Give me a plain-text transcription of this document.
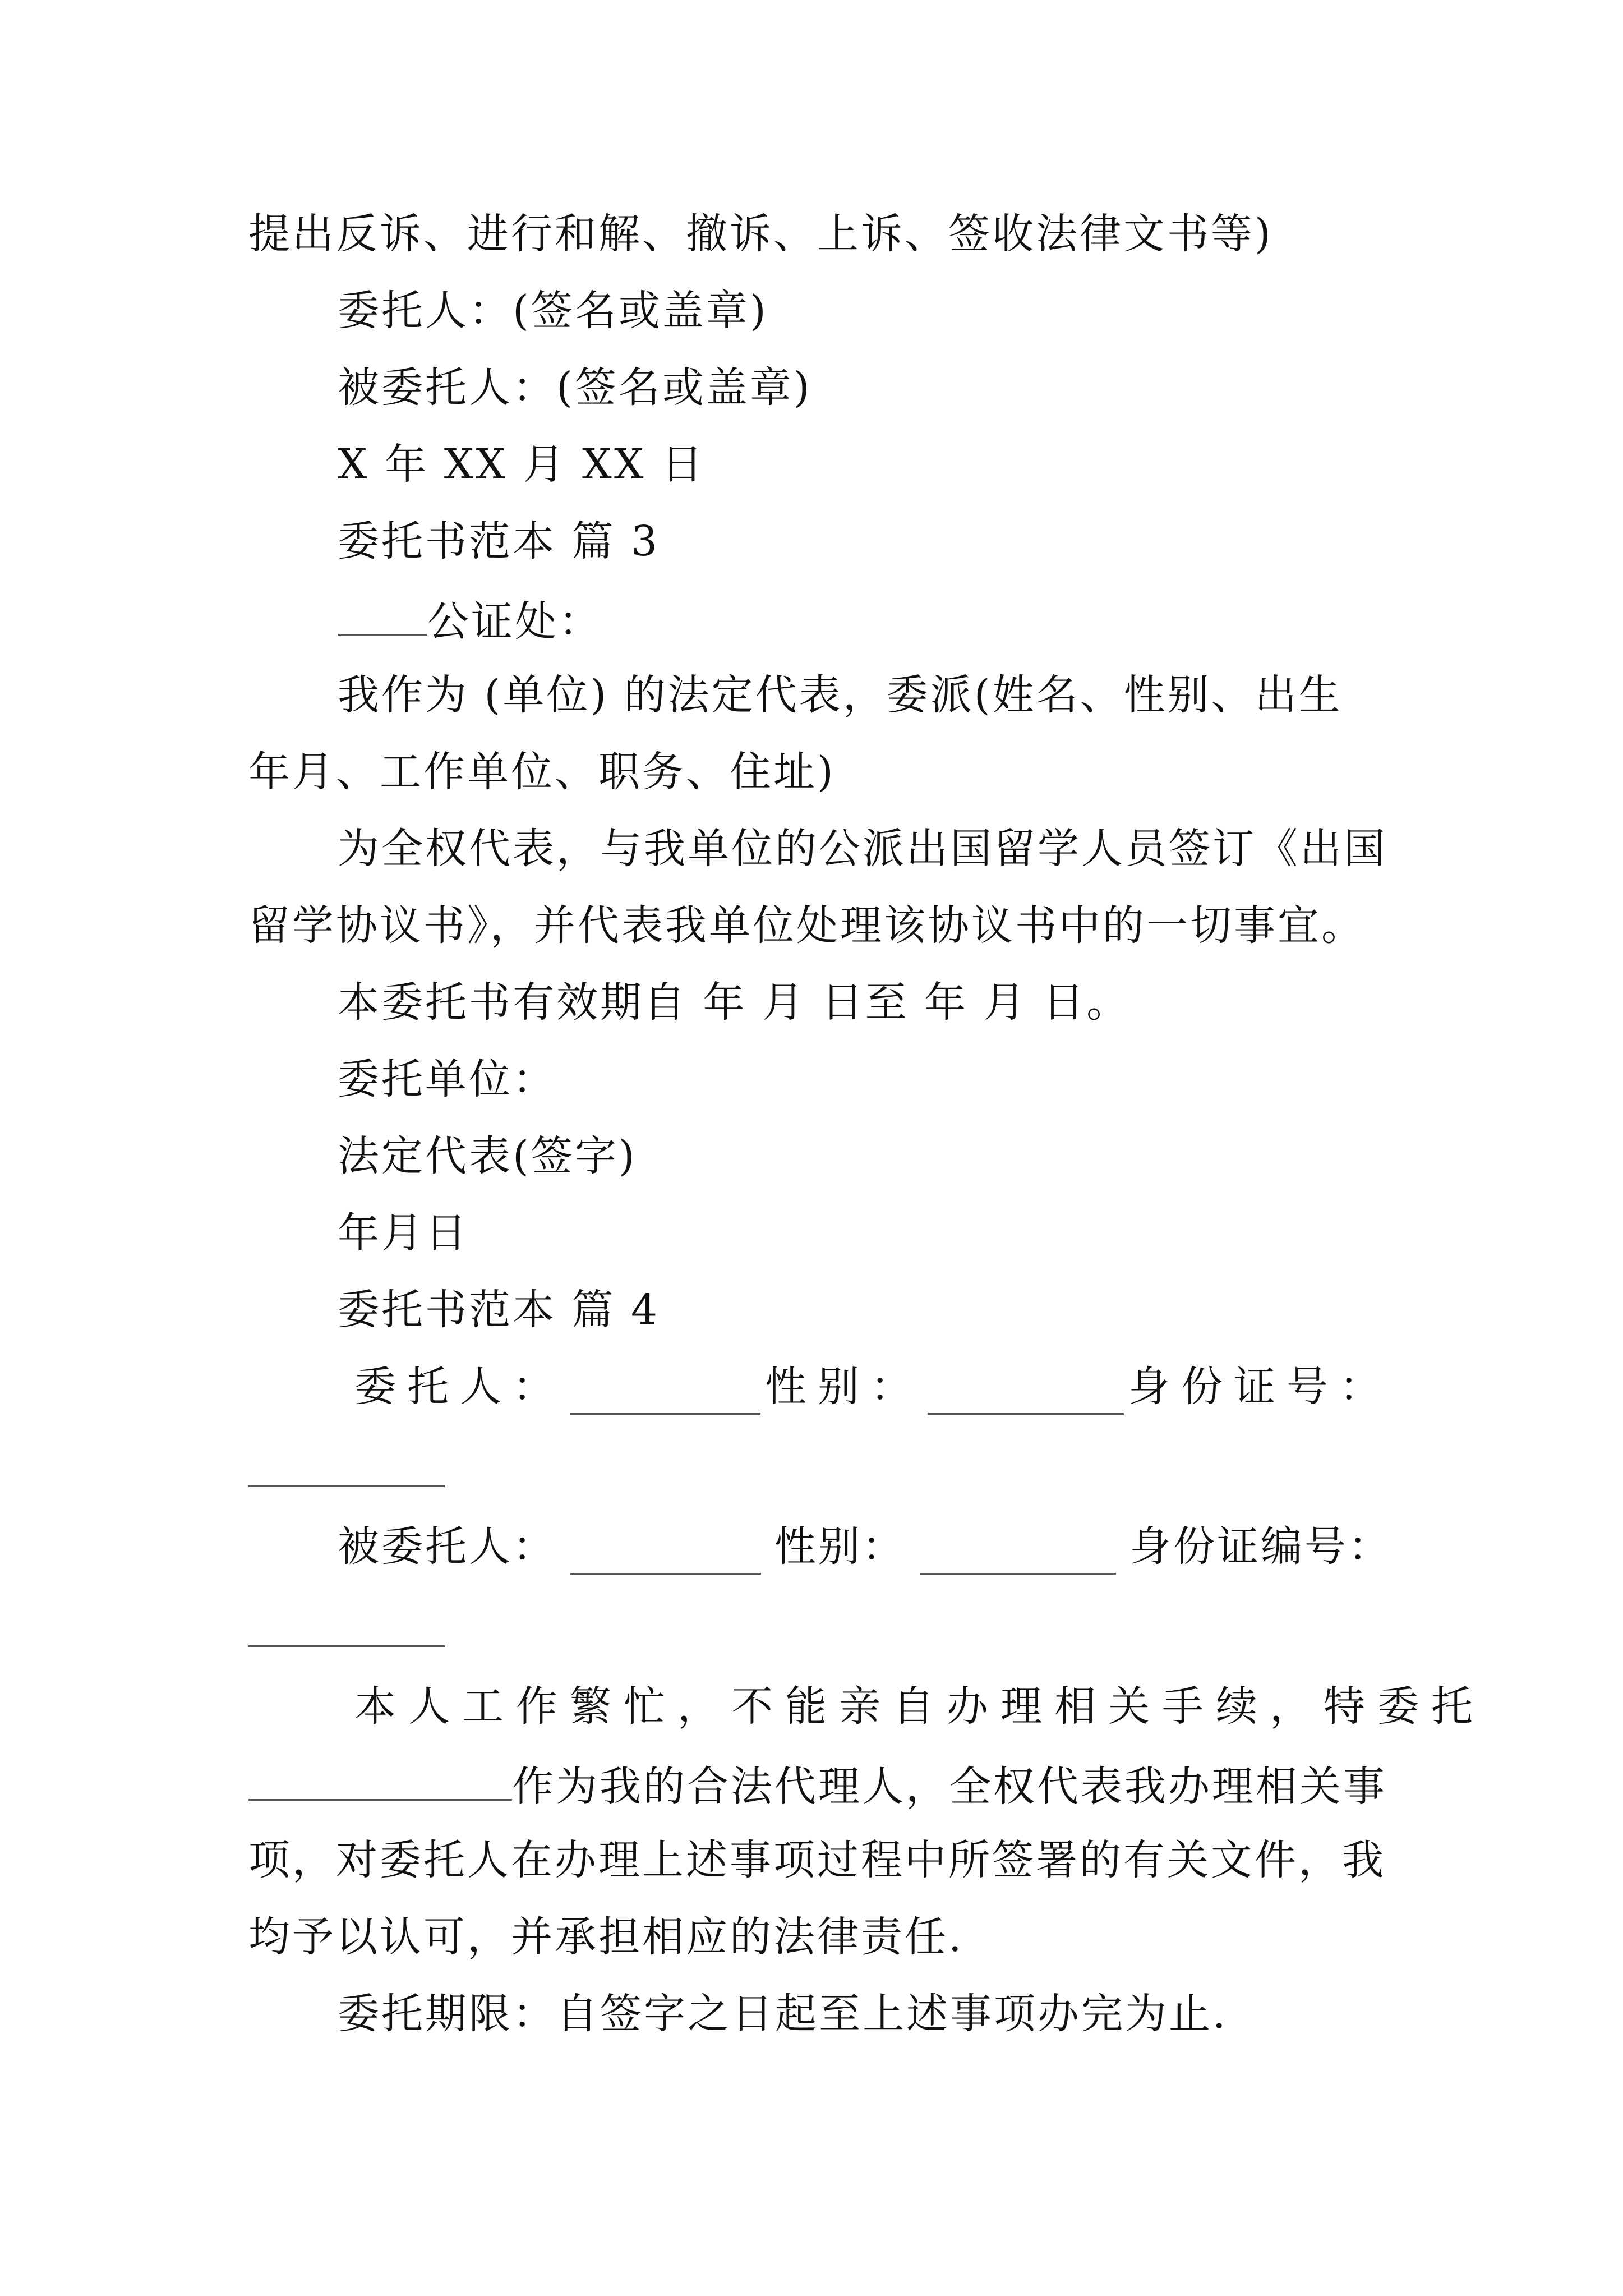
提出反诉、进行和解、撤诉、上诉、签收法律文书等)
委托人：(签名或盖章)
被委托人：(签名或盖章)
X 年 XX 月 XX 日
委托书范本 篇 3
公证处：
我作为 (单位) 的法定代表，委派(姓名、性别、出生
年月、工作单位、职务、住址)
为全权代表，与我单位的公派出国留学人员签订《出国
留学协议书》，并代表我单位处理该协议书中的一切事宜。
本委托书有效期自 年 月 日至 年 月 日。
委托单位：
法定代表(签字)
年月日
委托书范本 篇 4
委托人：	性别：	身份证号：
被委托人：	性别：	身份证编号：
本人工作繁忙，不能亲自办理相关手续，特委托
作为我的合法代理人，全权代表我办理相关事
项，对委托人在办理上述事项过程中所签署的有关文件，我
均予以认可，并承担相应的法律责任.
委托期限：自签字之日起至上述事项办完为止.
